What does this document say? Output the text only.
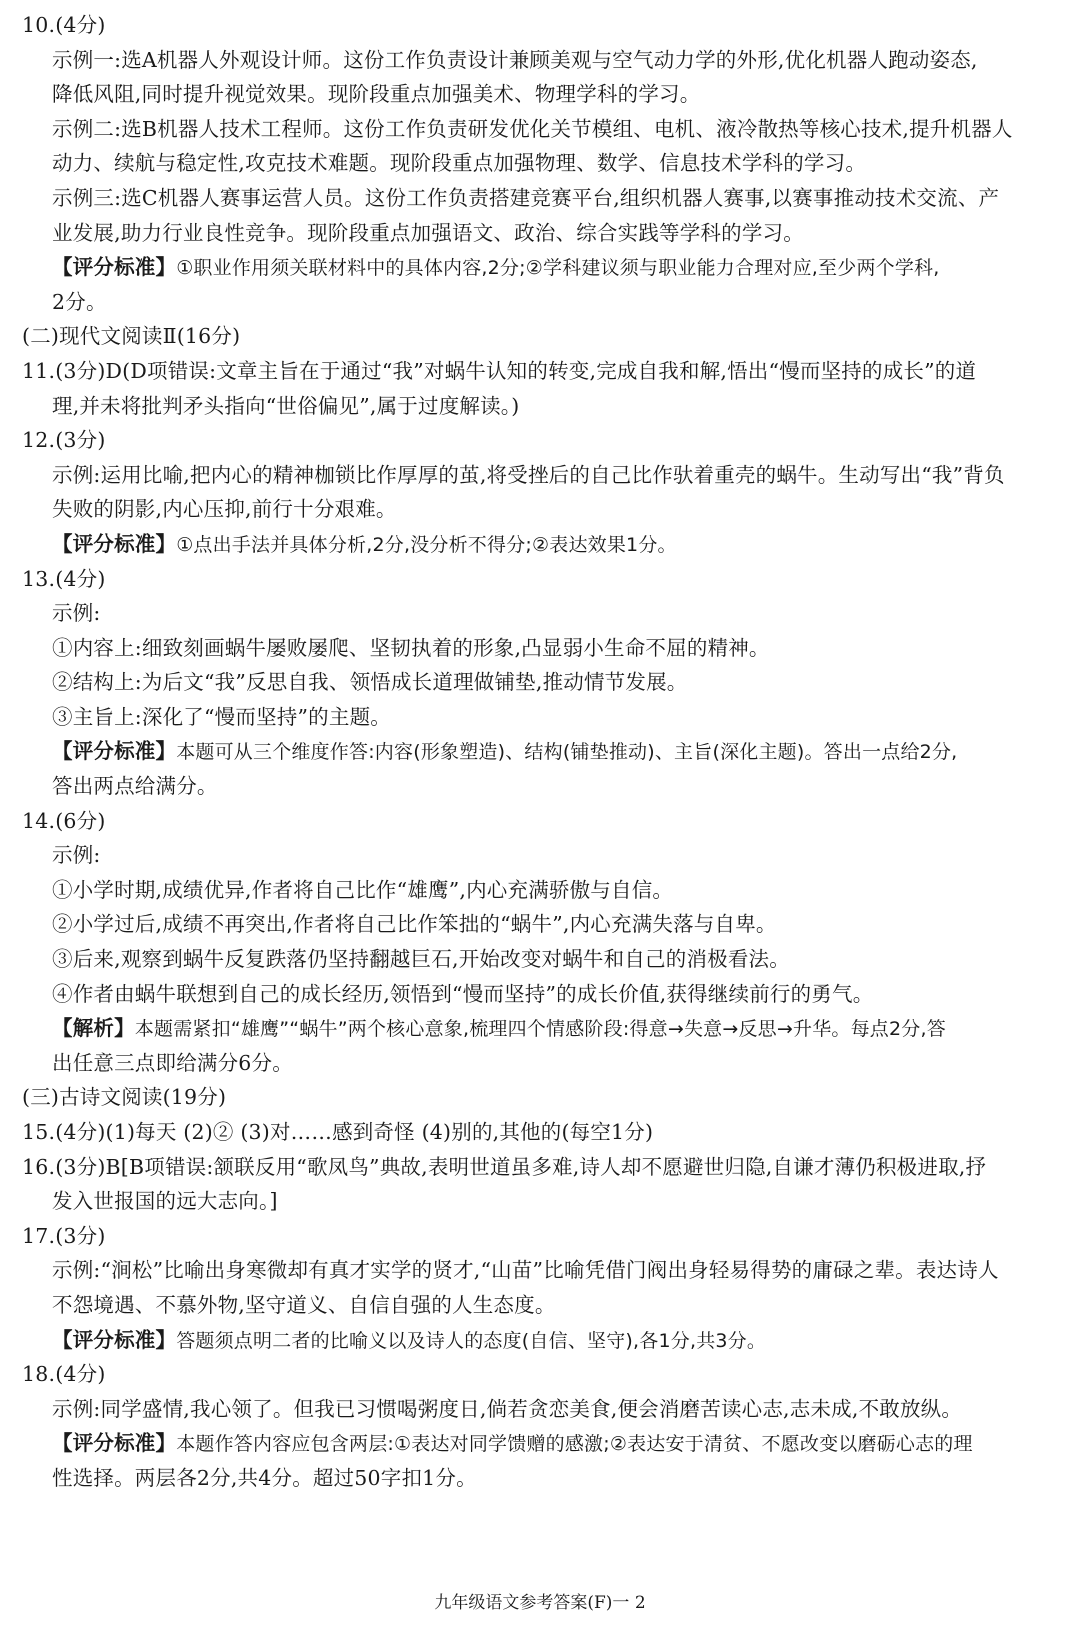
10.(4分)
示例一:选A机器人外观设计师。这份工作负责设计兼顾美观与空气动力学的外形,优化机器人跑动姿态,
降低风阻,同时提升视觉效果。现阶段重点加强美术、物理学科的学习。
示例二:选B机器人技术工程师。这份工作负责研发优化关节模组、电机、液冷散热等核心技术,提升机器人
动力、续航与稳定性,攻克技术难题。现阶段重点加强物理、数学、信息技术学科的学习。
示例三:选C机器人赛事运营人员。这份工作负责搭建竞赛平台,组织机器人赛事,以赛事推动技术交流、产
业发展,助力行业良性竞争。现阶段重点加强语文、政治、综合实践等学科的学习。
【评分标准】①职业作用须关联材料中的具体内容,2分;②学科建议须与职业能力合理对应,至少两个学科,
2分。
(二)现代文阅读Ⅱ(16分)
11.(3分)D(D项错误:文章主旨在于通过“我”对蜗牛认知的转变,完成自我和解,悟出“慢而坚持的成长”的道
理,并未将批判矛头指向“世俗偏见”,属于过度解读。)
12.(3分)
示例:运用比喻,把内心的精神枷锁比作厚厚的茧,将受挫后的自己比作驮着重壳的蜗牛。生动写出“我”背负
失败的阴影,内心压抑,前行十分艰难。
【评分标准】①点出手法并具体分析,2分,没分析不得分;②表达效果1分。
13.(4分)
示例:
①内容上:细致刻画蜗牛屡败屡爬、坚韧执着的形象,凸显弱小生命不屈的精神。
②结构上:为后文“我”反思自我、领悟成长道理做铺垫,推动情节发展。
③主旨上:深化了“慢而坚持”的主题。
【评分标准】本题可从三个维度作答:内容(形象塑造)、结构(铺垫推动)、主旨(深化主题)。答出一点给2分,
答出两点给满分。
14.(6分)
示例:
①小学时期,成绩优异,作者将自己比作“雄鹰”,内心充满骄傲与自信。
②小学过后,成绩不再突出,作者将自己比作笨拙的“蜗牛”,内心充满失落与自卑。
③后来,观察到蜗牛反复跌落仍坚持翻越巨石,开始改变对蜗牛和自己的消极看法。
④作者由蜗牛联想到自己的成长经历,领悟到“慢而坚持”的成长价值,获得继续前行的勇气。
【解析】本题需紧扣“雄鹰”“蜗牛”两个核心意象,梳理四个情感阶段:得意→失意→反思→升华。每点2分,答
出任意三点即给满分6分。
(三)古诗文阅读(19分)
15.(4分)(1)每天 (2)② (3)对……感到奇怪 (4)别的,其他的(每空1分)
16.(3分)B[B项错误:颔联反用“歌凤鸟”典故,表明世道虽多难,诗人却不愿避世归隐,自谦才薄仍积极进取,抒
发入世报国的远大志向。]
17.(3分)
示例:“涧松”比喻出身寒微却有真才实学的贤才,“山苗”比喻凭借门阀出身轻易得势的庸碌之辈。表达诗人
不怨境遇、不慕外物,坚守道义、自信自强的人生态度。
【评分标准】答题须点明二者的比喻义以及诗人的态度(自信、坚守),各1分,共3分。
18.(4分)
示例:同学盛情,我心领了。但我已习惯喝粥度日,倘若贪恋美食,便会消磨苦读心志,志未成,不敢放纵。
【评分标准】本题作答内容应包含两层:①表达对同学馈赠的感激;②表达安于清贫、不愿改变以磨砺心志的理
性选择。两层各2分,共4分。超过50字扣1分。
九年级语文参考答案(F)一 2
